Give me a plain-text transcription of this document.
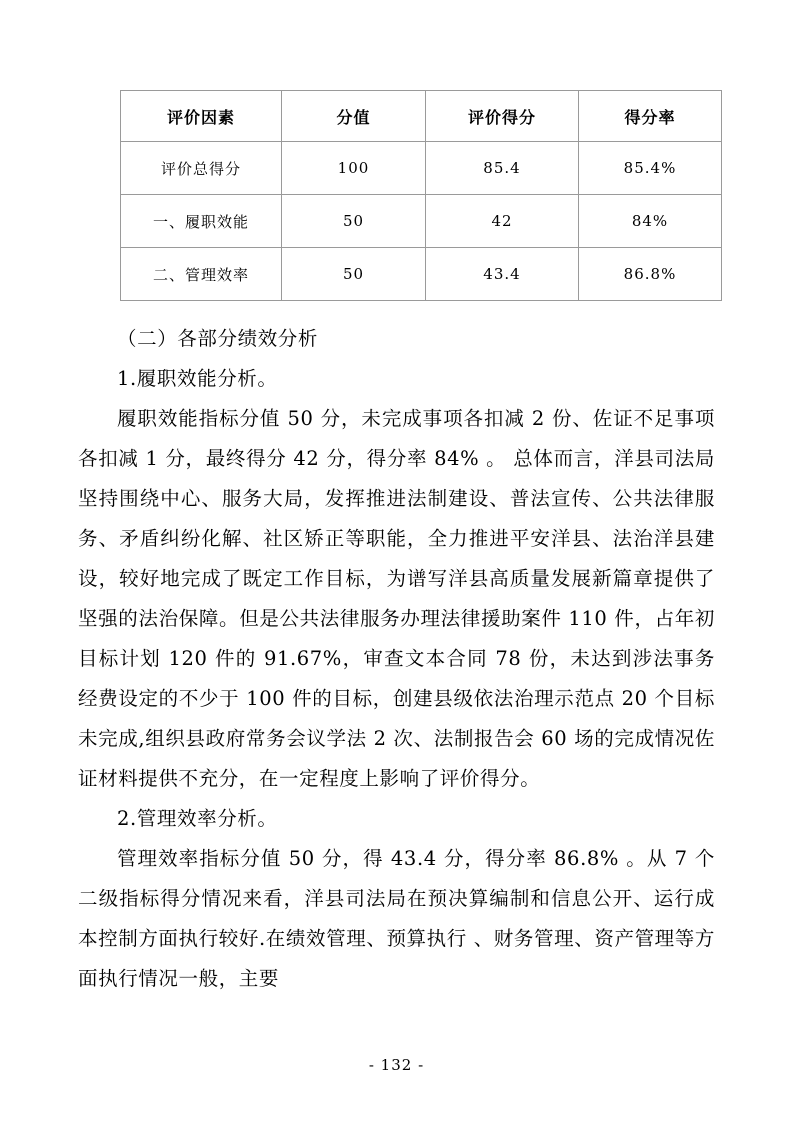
评价因素	分值	评价得分	得分率
评价总得分	100	85.4	85.4%
一、履职效能	50	42	84%
二、管理效率	50	43.4	86.8%

（二）各部分绩效分析

1.履职效能分析。

履职效能指标分值 50 分，未完成事项各扣减 2 份、佐证不足事项各扣减 1 分，最终得分 42 分，得分率 84% 。 总体而言，洋县司法局坚持围绕中心、服务大局，发挥推进法制建设、普法宣传、公共法律服务、矛盾纠纷化解、社区矫正等职能，全力推进平安洋县、法治洋县建设，较好地完成了既定工作目标，为谱写洋县高质量发展新篇章提供了坚强的法治保障。但是公共法律服务办理法律援助案件 110 件，占年初目标计划 120 件的 91.67%，审查文本合同 78 份，未达到涉法事务经费设定的不少于 100 件的目标，创建县级依法治理示范点 20 个目标未完成,组织县政府常务会议学法 2 次、法制报告会 60 场的完成情况佐证材料提供不充分，在一定程度上影响了评价得分。

2.管理效率分析。

管理效率指标分值 50 分，得 43.4 分，得分率 86.8% 。从 7 个二级指标得分情况来看，洋县司法局在预决算编制和信息公开、运行成本控制方面执行较好.在绩效管理、预算执行 、财务管理、资产管理等方面执行情况一般，主要

- 132 -
